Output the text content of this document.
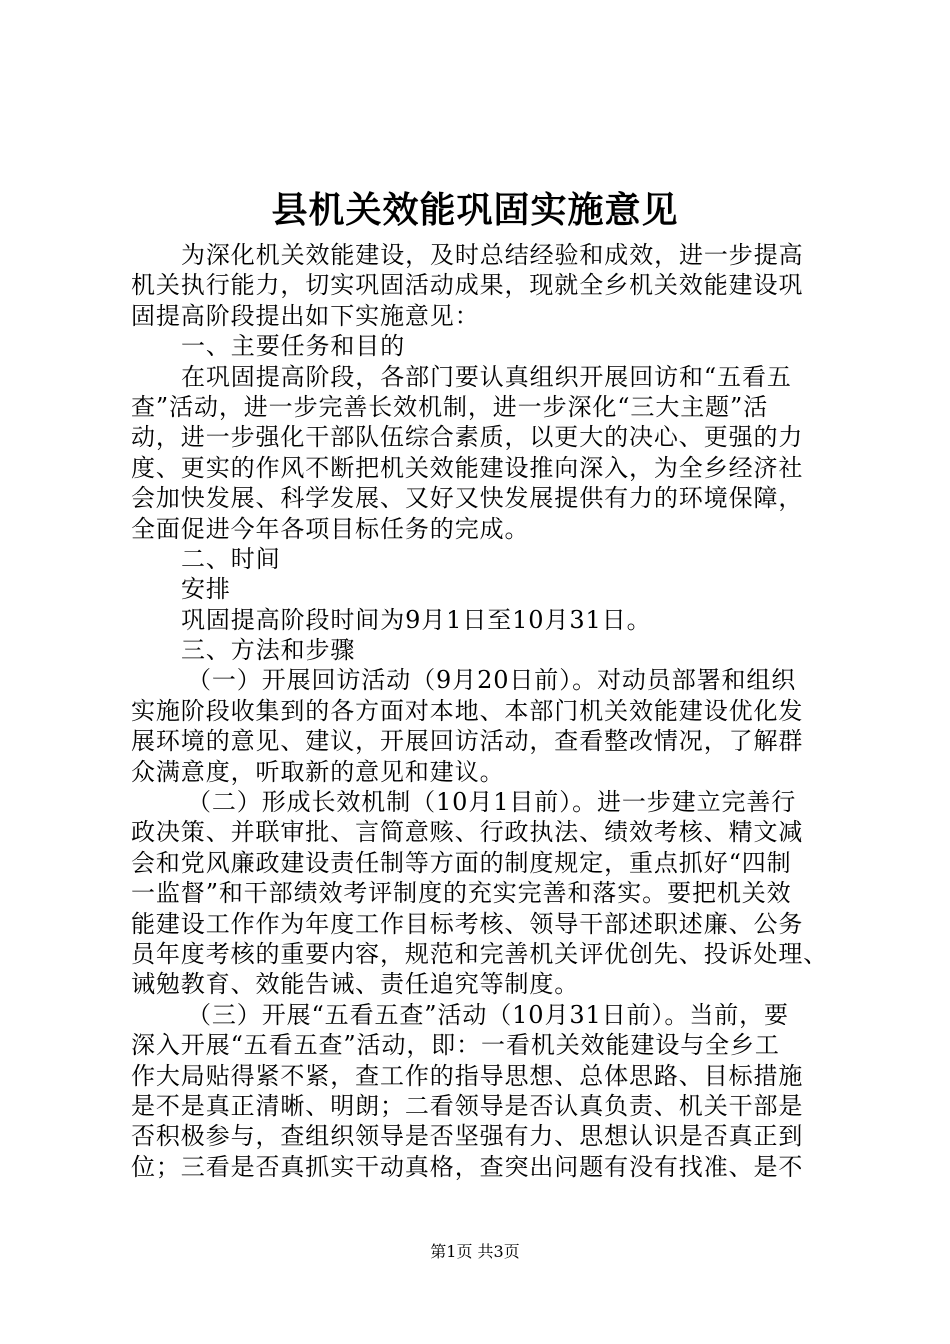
县机关效能巩固实施意见
为深化机关效能建设，及时总结经验和成效，进一步提高
机关执行能力，切实巩固活动成果，现就全乡机关效能建设巩
固提高阶段提出如下实施意见：
一、主要任务和目的
在巩固提高阶段，各部门要认真组织开展回访和“五看五
查”活动，进一步完善长效机制，进一步深化“三大主题”活
动，进一步强化干部队伍综合素质，以更大的决心、更强的力
度、更实的作风不断把机关效能建设推向深入，为全乡经济社
会加快发展、科学发展、又好又快发展提供有力的环境保障，
全面促进今年各项目标任务的完成。
二、时间
安排
巩固提高阶段时间为9月1日至10月31日。
三、方法和步骤
（一）开展回访活动（9月20日前）。对动员部署和组织
实施阶段收集到的各方面对本地、本部门机关效能建设优化发
展环境的意见、建议，开展回访活动，查看整改情况，了解群
众满意度，听取新的意见和建议。
（二）形成长效机制（10月1目前）。进一步建立完善行
政决策、并联审批、言简意赅、行政执法、绩效考核、精文减
会和党风廉政建设责任制等方面的制度规定，重点抓好“四制
一监督”和干部绩效考评制度的充实完善和落实。要把机关效
能建设工作作为年度工作目标考核、领导干部述职述廉、公务
员年度考核的重要内容，规范和完善机关评优创先、投诉处理、
诫勉教育、效能告诫、责任追究等制度。
（三）开展“五看五查”活动（10月31日前）。当前，要
深入开展“五看五查”活动，即：一看机关效能建设与全乡工
作大局贴得紧不紧，查工作的指导思想、总体思路、目标措施
是不是真正清晰、明朗；二看领导是否认真负责、机关干部是
否积极参与，查组织领导是否坚强有力、思想认识是否真正到
位；三看是否真抓实干动真格，查突出问题有没有找准、是不
第1页 共3页
